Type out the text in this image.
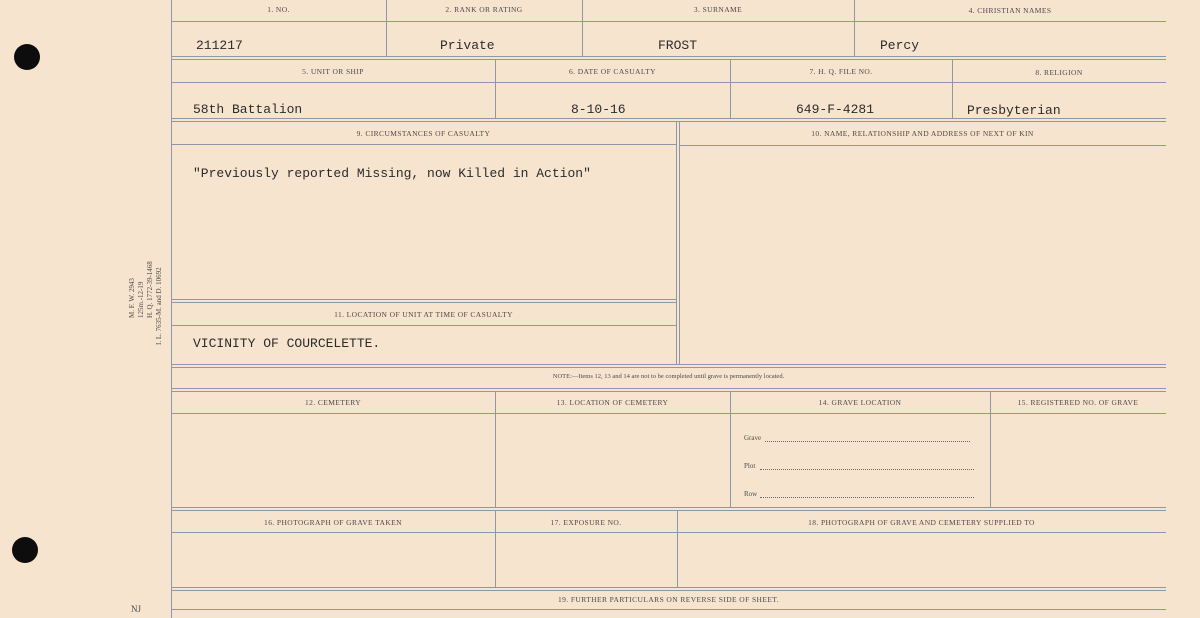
M. F. W. 2943 125m.-12-19 H. Q. 1772-39-1468 I. L. 7635-M. and D. 10692
NJ
1. NO.	2. RANK OR RATING	3. SURNAME	4. CHRISTIAN NAMES
211217	Private	FROST	Percy
5. UNIT OR SHIP	6. DATE OF CASUALTY	7. H. Q. FILE NO.	8. RELIGION
58th Battalion	8-10-16	649-F-4281	Presbyterian
9. CIRCUMSTANCES OF CASUALTY	10. NAME, RELATIONSHIP AND ADDRESS OF NEXT OF KIN
11. LOCATION OF UNIT AT TIME OF CASUALTY
"Previously reported Missing, now Killed in Action"
VICINITY OF COURCELETTE.
NOTE:—Items 12, 13 and 14 are not to be completed until grave is permanently located.
12. CEMETERY	13. LOCATION OF CEMETERY	14. GRAVE LOCATION	15. REGISTERED NO. OF GRAVE
Grave
Plot
Row
16. PHOTOGRAPH OF GRAVE TAKEN	17. EXPOSURE NO.	18. PHOTOGRAPH OF GRAVE AND CEMETERY SUPPLIED TO
19. FURTHER PARTICULARS ON REVERSE SIDE OF SHEET.
